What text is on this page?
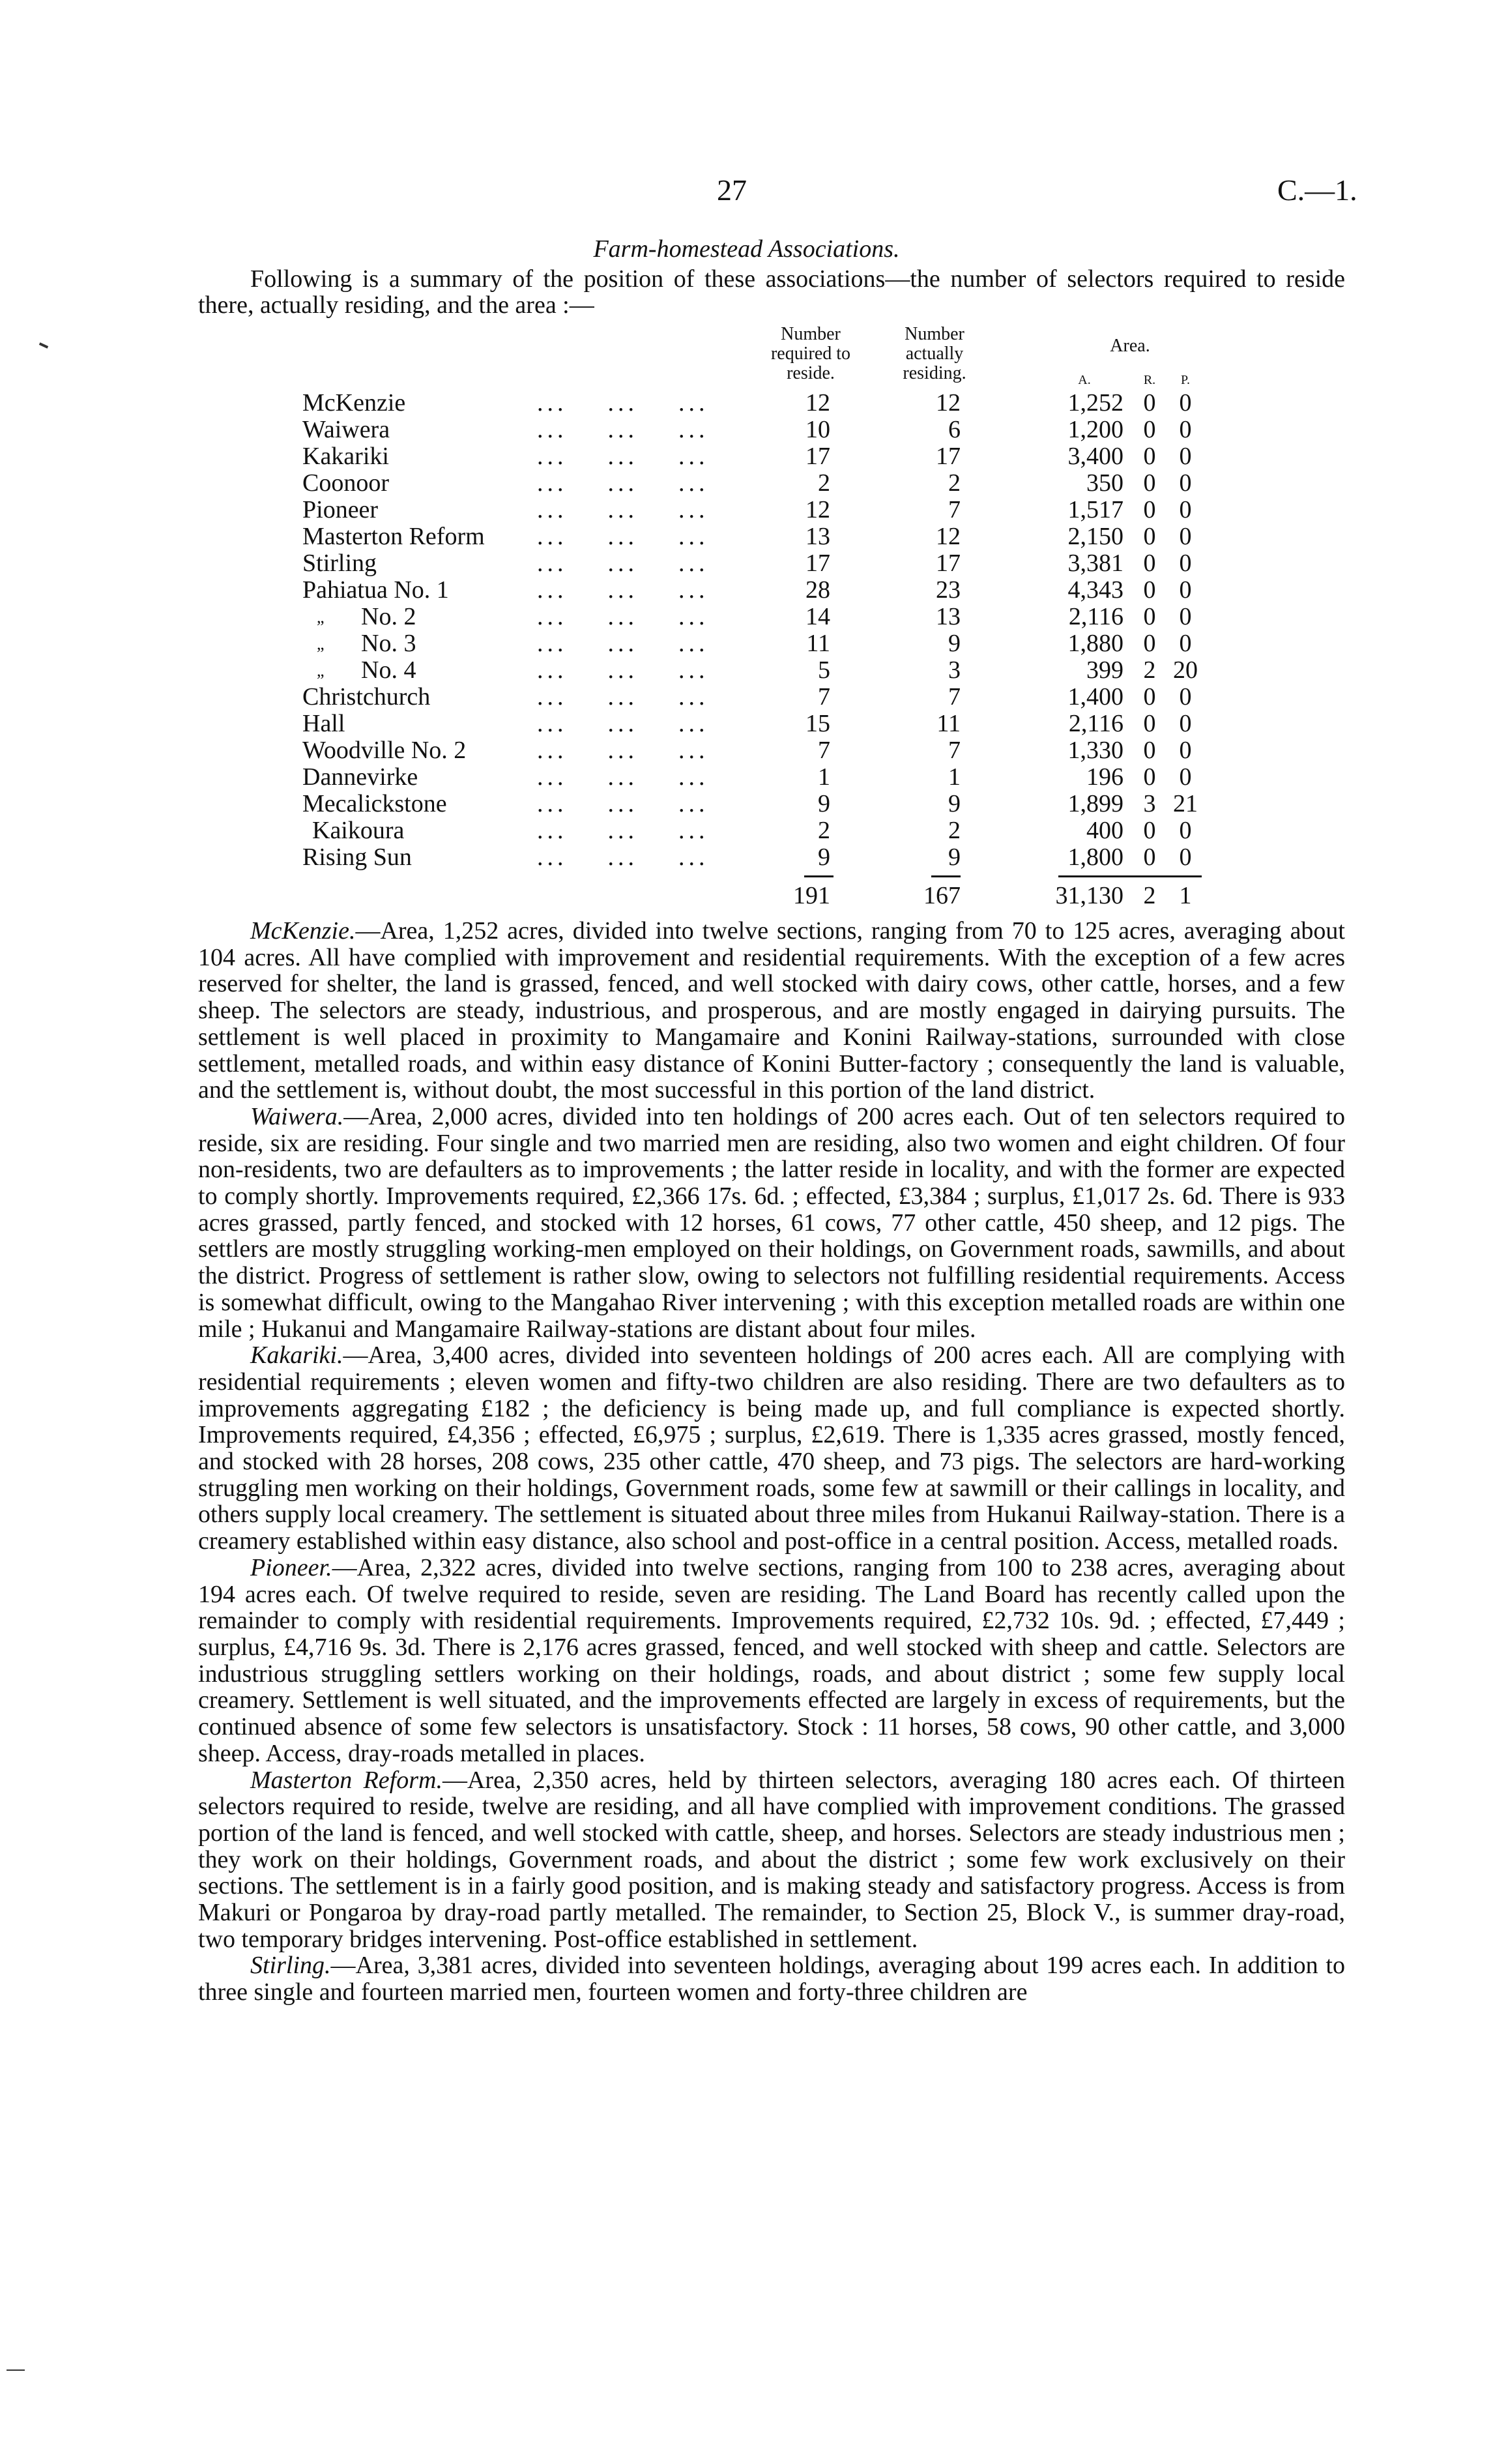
27	C.—1.
Farm-homestead Associations.
Following is a summary of the position of these associations—the number of selectors required to reside there, actually residing, and the area :—
Number required to reside.
Number actually residing.
Area.
A.	R.	P.
McKenzie	...    ...    ...	12	12	1,252 0 0
Waiwera	...    ...    ...	10	6	1,200 0 0
Kakariki	...    ...    ...	17	17	3,400 0 0
Coonoor	...    ...    ...	2	2	350 0 0
Pioneer	...    ...    ...	12	7	1,517 0 0
Masterton Reform ...    ...    ...	13	12	2,150 0 0
Stirling	...    ...    ...	17	17	3,381 0 0
Pahiatua No. 1	...    ...    ...	28	23	4,343 0 0
„ No. 2	...    ...    ...	14	13	2,116 0 0
„ No. 3	...    ...    ...	11	9	1,880 0 0
„ No. 4	...    ...    ...	5	3	399 2 20
Christchurch	...    ...    ...	7	7	1,400 0 0
Hall	...    ...    ...	15	11	2,116 0 0
Woodville No. 2	...    ...    ...	7	7	1,330 0 0
Dannevirke	...    ...    ...	1	1	196 0 0
Mecalickstone	...    ...    ...	9	9	1,899 3 21
Kaikoura	...    ...    ...	2	2	400 0 0
Rising Sun	...    ...    ...	9	9	1,800 0 0
191	167	31,130 2 1

McKenzie.—Area, 1,252 acres, divided into twelve sections, ranging from 70 to 125 acres, averaging about 104 acres. All have complied with improvement and residential requirements. With the exception of a few acres reserved for shelter, the land is grassed, fenced, and well stocked with dairy cows, other cattle, horses, and a few sheep. The selectors are steady, industrious, and prosperous, and are mostly engaged in dairying pursuits. The settlement is well placed in proximity to Mangamaire and Konini Railway-stations, surrounded with close settlement, metalled roads, and within easy distance of Konini Butter-factory ; consequently the land is valuable, and the settlement is, without doubt, the most successful in this portion of the land district.

Waiwera.—Area, 2,000 acres, divided into ten holdings of 200 acres each. Out of ten selectors required to reside, six are residing. Four single and two married men are residing, also two women and eight children. Of four non-residents, two are defaulters as to improvements ; the latter reside in locality, and with the former are expected to comply shortly. Improvements required, £2,366 17s. 6d. ; effected, £3,384 ; surplus, £1,017 2s. 6d. There is 933 acres grassed, partly fenced, and stocked with 12 horses, 61 cows, 77 other cattle, 450 sheep, and 12 pigs. The settlers are mostly struggling working-men employed on their holdings, on Government roads, sawmills, and about the district. Progress of settlement is rather slow, owing to selectors not fulfilling residential requirements. Access is somewhat difficult, owing to the Mangahao River intervening ; with this exception metalled roads are within one mile ; Hukanui and Mangamaire Railway-stations are distant about four miles.

Kakariki.—Area, 3,400 acres, divided into seventeen holdings of 200 acres each. All are complying with residential requirements ; eleven women and fifty-two children are also residing. There are two defaulters as to improvements aggregating £182 ; the deficiency is being made up, and full compliance is expected shortly. Improvements required, £4,356 ; effected, £6,975 ; surplus, £2,619. There is 1,335 acres grassed, mostly fenced, and stocked with 28 horses, 208 cows, 235 other cattle, 470 sheep, and 73 pigs. The selectors are hard-working struggling men working on their holdings, Government roads, some few at sawmill or their callings in locality, and others supply local creamery. The settlement is situated about three miles from Hukanui Railway-station. There is a creamery established within easy distance, also school and post-office in a central position. Access, metalled roads.

Pioneer.—Area, 2,322 acres, divided into twelve sections, ranging from 100 to 238 acres, averaging about 194 acres each. Of twelve required to reside, seven are residing. The Land Board has recently called upon the remainder to comply with residential requirements. Improvements required, £2,732 10s. 9d. ; effected, £7,449 ; surplus, £4,716 9s. 3d. There is 2,176 acres grassed, fenced, and well stocked with sheep and cattle. Selectors are industrious struggling settlers working on their holdings, roads, and about district ; some few supply local creamery. Settlement is well situated, and the improvements effected are largely in excess of requirements, but the continued absence of some few selectors is unsatisfactory. Stock : 11 horses, 58 cows, 90 other cattle, and 3,000 sheep. Access, dray-roads metalled in places.

Masterton Reform.—Area, 2,350 acres, held by thirteen selectors, averaging 180 acres each. Of thirteen selectors required to reside, twelve are residing, and all have complied with improvement conditions. The grassed portion of the land is fenced, and well stocked with cattle, sheep, and horses. Selectors are steady industrious men ; they work on their holdings, Government roads, and about the district ; some few work exclusively on their sections. The settlement is in a fairly good position, and is making steady and satisfactory progress. Access is from Makuri or Pongaroa by dray-road partly metalled. The remainder, to Section 25, Block V., is summer dray-road, two temporary bridges intervening. Post-office established in settlement.

Stirling.—Area, 3,381 acres, divided into seventeen holdings, averaging about 199 acres each. In addition to three single and fourteen married men, fourteen women and forty-three children are
